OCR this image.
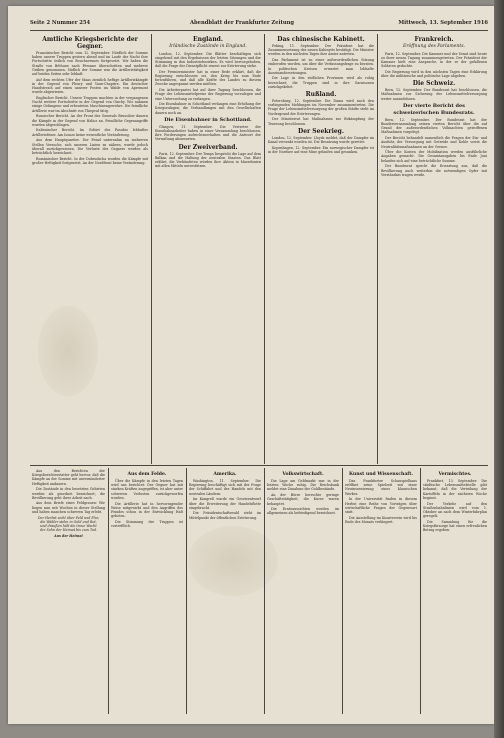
Seite 2 Nummer 254	Abendblatt der Frankfurter Zeitung	Mittwoch, 13. September 1916
Amtliche Kriegsberichte der Gegner.
Französischer Bericht vom 12. September. Nördlich der Somme haben unsere Truppen gestern abend und im Laufe der Nacht ihre Fortschritte östlich von Bouchavesnes fortgesetzt. Wir haben die Straße von Béthune nach Péronne überschritten und mehrere Gräben genommen. Südlich der Somme war die Artillerietätigkeit auf beiden Seiten sehr lebhaft.
Auf dem rechten Ufer der Maas ziemlich heftige Artilleriekämpfe in der Gegend von Fleury und Vaux-Chapitre. Ein deutscher Handstreich auf einen unserer Posten im Walde von Apremont wurde abgewiesen.
Englischer Bericht. Unsere Truppen machten in der vergangenen Nacht weitere Fortschritte in der Gegend von Ginchy. Wir nahmen einige Gefangene und erbeuteten Maschinengewehre. Die feindliche Artillerie war im Abschnitt von Thiepval tätig.
Russischer Bericht. An der Front des Generals Brussilow dauern die Kämpfe in der Gegend von Halicz an. Feindliche Gegenangriffe wurden abgeschlagen.
Italienischer Bericht. Im Gebiet des Pasubio lebhaftes Artilleriefeuer. Am Isonzo keine wesentliche Veränderung.
Aus dem Hauptquartier. Der Feind unternahm an mehreren Stellen Versuche, sich unseren Linien zu nähern, wurde jedoch überall zurückgewiesen. Die Verluste des Gegners werden als beträchtlich bezeichnet.
Rumänischer Bericht. In der Dobrudscha wurden die Kämpfe mit großer Heftigkeit fortgesetzt. An der Nordfront keine Veränderung.
England.
Irländische Zustände in England.
London, 12. September. Die Blätter beschäftigen sich eingehend mit den Ergebnissen der letzten Sitzungen und der Stimmung in den Industriebezirken. Es wird hervorgehoben, daß die Frage der Dienstpflicht erneut zur Erörterung stehe.
Der Premierminister hat in einer Rede erklärt, daß die Regierung entschlossen sei, den Krieg bis zum Ende fortzuführen, und daß alle Kräfte des Landes zu diesem Zwecke angespannt werden müßten.
Die Arbeiterpartei hat auf ihrer Tagung beschlossen, die Frage der Lebensmittelpreise der Regierung vorzulegen und eine Untersuchung zu verlangen.
Die Eisenbahner in Schottland verlangen eine Erhöhung der Kriegszulagen; die Verhandlungen mit den Gesellschaften dauern noch an.
Die Eisenbahner in Schottland.
Glasgow, 11. September. Die Vertreter der Eisenbahnarbeiter haben in einer Versammlung beschlossen, ihre Forderungen aufrechtzuerhalten und die Antwort der Verwaltung abzuwarten.
Der Zweiverband.
Paris, 12. September. Der Temps bespricht die Lage auf dem Balkan und die Haltung der neutralen Staaten. Das Blatt erklärt, die Verbündeten würden ihre Aktion in Mazedonien mit allen Mitteln unterstützen.
Das chinesische Kabinett.
Peking, 11. September. Der Präsident hat die Zusammensetzung des neuen Kabinetts bestätigt. Die Minister werden in den nächsten Tagen ihre Ämter antreten.
Das Parlament ist zu einer außerordentlichen Sitzung einberufen worden, um über die Verfassungsfrage zu beraten. In politischen Kreisen erwartet man lebhafte Auseinandersetzungen.
Die Lage in den südlichen Provinzen wird als ruhig bezeichnet; die Truppen sind in ihre Garnisonen zurückgekehrt.
Rußland.
Petersburg, 12. September. Die Duma wird nach den vorliegenden Meldungen im November zusammentreten. Die Frage der Lebensmittelversorgung der großen Städte steht im Vordergrund der Erörterungen.
Der Ministerrat hat Maßnahmen zur Bekämpfung der Teuerung beschlossen.
Der Seekrieg.
London, 12. September. Lloyds meldet, daß der Dampfer im Kanal versenkt worden ist. Die Besatzung wurde gerettet.
Kopenhagen, 12. September. Ein norwegischer Dampfer ist in der Nordsee auf eine Mine gelaufen und gesunken.
Frankreich.
Eröffnung des Parlaments.
Paris, 12. September. Die Kammer und der Senat sind heute zu ihrer neuen Tagung zusammengetreten. Der Präsident der Kammer hielt eine Ansprache, in der er der gefallenen Soldaten gedachte.
Die Regierung wird in den nächsten Tagen eine Erklärung über die militärische und politische Lage abgeben.
Die Schweiz.
Bern, 12. September. Der Bundesrat hat beschlossen, die Maßnahmen zur Sicherung der Lebensmittelversorgung weiter auszudehnen.
Der vierte Bericht des schweizerischen Bundesrats.
Bern, 12. September. Der Bundesrat hat der Bundesversammlung seinen vierten Bericht über die auf Grund der außerordentlichen Vollmachten getroffenen Maßnahmen vorgelegt.
Der Bericht behandelt namentlich die Fragen der Ein- und Ausfuhr, der Versorgung mit Getreide und Kohle sowie die Neutralitätsmaßnahmen an der Grenze.
Über die Kosten der Mobilisation werden ausführliche Angaben gemacht. Die Gesamtausgaben bis Ende Juni belaufen sich auf eine beträchtliche Summe.
Der Bundesrat spricht die Erwartung aus, daß die Bevölkerung auch weiterhin die notwendigen Opfer mit Verständnis tragen werde.
Aus den Berichten der Kriegsberichterstatter geht hervor, daß die Kämpfe an der Somme mit unverminderter Heftigkeit andauern.
Die Zustände in den besetzten Gebieten werden als geordnet bezeichnet; die Bevölkerung geht ihrer Arbeit nach.
Aus dem Briefe eines Feldgrauen: Wir liegen nun seit Wochen in dieser Stellung und haben manchen schweren Tag erlebt.
Der Herbst zieht über Feld und Flur,
die Wälder stehn in Gold und Rot,
und draußen hält die treue Wacht
der Sohn der Heimat bis zum Tod.
Aus der Heimat
Aus dem Felde.
Über die Kämpfe in den letzten Tagen wird uns berichtet: Der Gegner hat mit starken Kräften angegriffen, ist aber unter schweren Verlusten zurückgeworfen worden.
Die Artillerie hat in hervorragender Weise mitgewirkt und den Angriffen des Feindes schon in der Entwicklung Halt geboten.
Die Stimmung der Truppen ist vortrefflich.
Amerika.
Washington, 11. September. Die Regierung beschäftigt sich mit der Frage der Schiffahrt und des Handels mit den neutralen Ländern.
Im Kongreß wurde ein Gesetzentwurf über die Erweiterung der Handelsflotte eingebracht.
Die Präsidentschaftswahl steht im Mittelpunkt der öffentlichen Erörterung.
Volkswirtschaft.
Die Lage am Geldmarkt war in der letzten Woche ruhig. Die Reichsbank meldet eine Zunahme der Goldbestände.
An der Börse herrschte geringe Geschäftstätigkeit; die Kurse waren behauptet.
Die Ernteaussichten werden im allgemeinen als befriedigend bezeichnet.
Kunst und Wissenschaft.
Das Frankfurter Schauspielhaus eröffnet seine Spielzeit mit einer Neuinszenierung eines klassischen Werkes.
In der Universität finden in diesem Herbst eine Reihe von Vorträgen über wirtschaftliche Fragen der Gegenwart statt.
Die Ausstellung im Kunstverein wird bis Ende des Monats verlängert.
Vermischtes.
Frankfurt, 13. September. Die städtische Lebensmittelstelle gibt bekannt, daß die Verteilung der Kartoffeln in der nächsten Woche beginnt.
Der Verkehr auf den Straßenbahnlinien wird vom 1. Oktober an nach dem Winterfahrplan geregelt.
Die Sammlung für die Kriegsfürsorge hat einen erfreulichen Betrag ergeben.
